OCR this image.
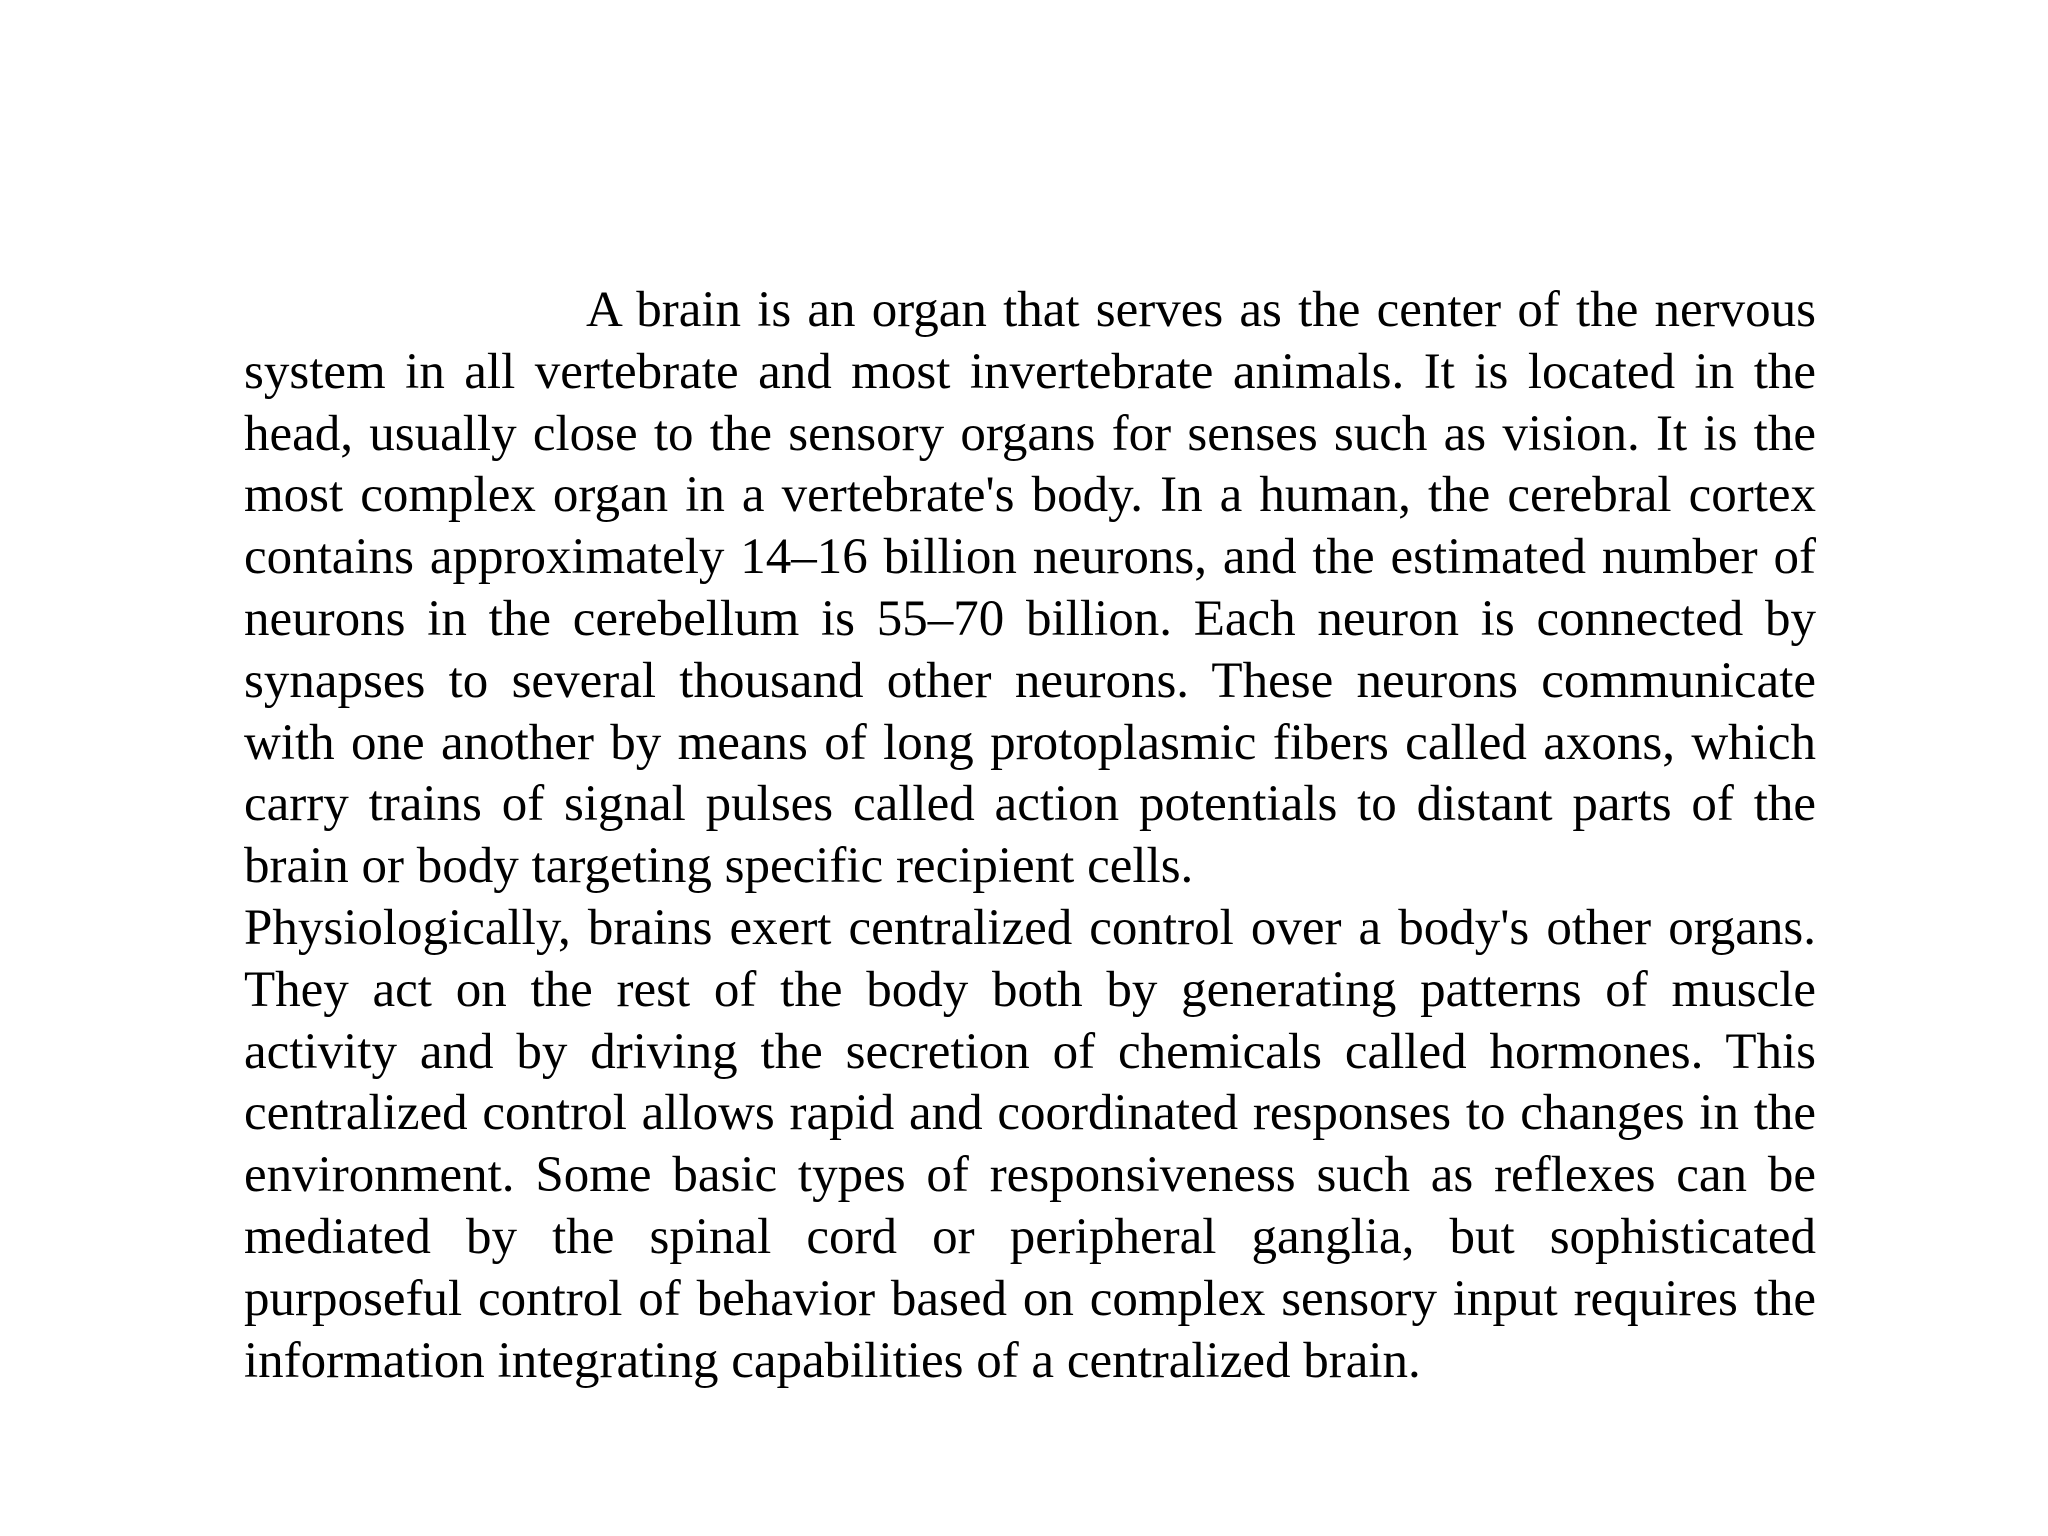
A brain is an organ that serves as the center of the nervous system in all vertebrate and most invertebrate animals. It is located in the head, usually close to the sensory organs for senses such as vision. It is the most complex organ in a vertebrate's body. In a human, the cerebral cortex contains approximately 14–16 billion neurons, and the estimated number of neurons in the cerebellum is 55–70 billion. Each neuron is connected by synapses to several thousand other neurons. These neurons communicate with one another by means of long protoplasmic fibers called axons, which carry trains of signal pulses called action potentials to distant parts of the brain or body targeting specific recipient cells.

Physiologically, brains exert centralized control over a body's other organs. They act on the rest of the body both by generating patterns of muscle activity and by driving the secretion of chemicals called hormones. This centralized control allows rapid and coordinated responses to changes in the environment. Some basic types of responsiveness such as reflexes can be mediated by the spinal cord or peripheral ganglia, but sophisticated purposeful control of behavior based on complex sensory input requires the information integrating capabilities of a centralized brain.
